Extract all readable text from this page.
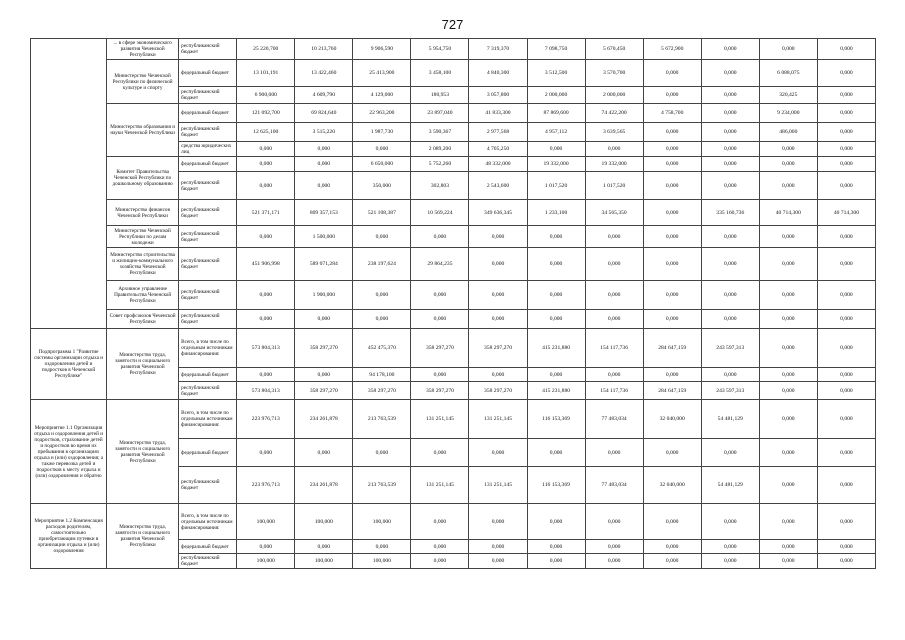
727
	... в сфере экономического развития Чеченской Республики	республиканский бюджет	25 220,700	10 213,760	9 906,590	5 954,750	7 319,370	7 098,750	5 670,450	5 672,900	0,000	0,000	0,000
	Министерство Чеченской Республики по физической культуре и спорту	федеральный бюджет	13 101,191	13 422,460	25 413,900	3 458,100	4 840,300	3 512,500	3 570,700	0,000	0,000	6 088,075	0,000
		республиканский бюджет	6 900,000	4 609,790	4 129,000	180,953	3 057,800	2 000,000	2 000,000	0,000	0,000	320,425	0,000
	Министерство образования и науки Чеченской Республики	федеральный бюджет	121 092,700	69 824,640	22 963,200	23 897,040	41 833,300	87 869,600	74 422,200	4 758,700	0,000	9 234,000	0,000
		республиканский бюджет	12 625,100	3 515,220	1 987,730	3 590,367	2 977,568	4 957,112	3 639,565	0,000	0,000	486,000	0,000
		средства юридических лиц	0,000	0,000	0,000	2 089,200	4 705,250	0,000	0,000	0,000	0,000	0,000	0,000
	Комитет Правительства Чеченской Республики по дошкольному образованию	федеральный бюджет	0,000	0,000	6 650,000	5 752,260	48 332,000	19 332,000	19 332,000	0,000	0,000	0,000	0,000
		республиканский бюджет	0,000	0,000	350,000	302,803	2 543,600	1 017,520	1 017,520	0,000	0,000	0,000	0,000
	Министерство финансов Чеченской Республики	республиканский бюджет	521 371,171	809 357,153	521 108,387	10 569,224	349 636,345	1 233,100	34 565,350	0,000	335 160,736	40 714,300	40 714,300
	Министерство Чеченской Республики по делам молодежи	республиканский бюджет	0,000	1 500,000	0,000	0,000	0,000	0,000	0,000	0,000	0,000	0,000	0,000
	Министерство строительства и жилищно-коммунального хозяйства Чеченской Республики	республиканский бюджет	451 906,998	589 071,284	238 197,624	29 864,235	0,000	0,000	0,000	0,000	0,000	0,000	0,000
	Архивное управление Правительства Чеченской Республики	республиканский бюджет	0,000	1 900,000	0,000	0,000	0,000	0,000	0,000	0,000	0,000	0,000	0,000
	Совет профсоюзов Чеченской Республики	республиканский бюджет	0,000	0,000	0,000	0,000	0,000	0,000	0,000	0,000	0,000	0,000	0,000
Подпрограмма 1 "Развитие системы организации отдыха и оздоровления детей и подростков в Чеченской Республике"	Министерство труда, занятости и социального развития Чеченской Республики	Всего, в том числе по отдельным источникам финансирования:	573 804,313	358 297,270	452 475,370	358 297,270	358 297,270	415 231,880	154 117,736	284 647,159	243 597,313	0,000	0,000
		федеральный бюджет	0,000	0,000	94 178,100	0,000	0,000	0,000	0,000	0,000	0,000	0,000	0,000
		республиканский бюджет	573 804,313	358 297,270	358 297,270	358 297,270	358 297,270	415 231,880	154 117,736	284 647,159	243 597,313	0,000	0,000
Мероприятие 1.1 Организация отдыха и оздоровления детей и подростков, страхование детей и подростков во время их пребывания в организациях отдыха и (или) оздоровления; а также перевозка детей и подростков к месту отдыха и (или) оздоровления и обратно	Министерство труда, занятости и социального развития Чеченской Республики	Всего, в том числе по отдельным источникам финансирования:	223 976,713	234 261,878	213 763,539	131 251,145	131 251,145	116 153,369	77 483,034	32 040,000	54 481,129	0,000	0,000
		федеральный бюджет	0,000	0,000	0,000	0,000	0,000	0,000	0,000	0,000	0,000	0,000	0,000
		республиканский бюджет	223 976,713	234 261,878	213 763,539	131 251,145	131 251,145	116 153,369	77 483,034	32 040,000	54 481,129	0,000	0,000
Мероприятие 1.2 Компенсация расходов родителям, самостоятельно приобретающим путевки в организации отдыха и (или) оздоровления	Министерство труда, занятости и социального развития Чеченской Республики	Всего, в том числе по отдельным источникам финансирования:	100,000	100,000	100,000	0,000	0,000	0,000	0,000	0,000	0,000	0,000	0,000
		федеральный бюджет	0,000	0,000	0,000	0,000	0,000	0,000	0,000	0,000	0,000	0,000	0,000
		республиканский бюджет	100,000	100,000	100,000	0,000	0,000	0,000	0,000	0,000	0,000	0,000	0,000
